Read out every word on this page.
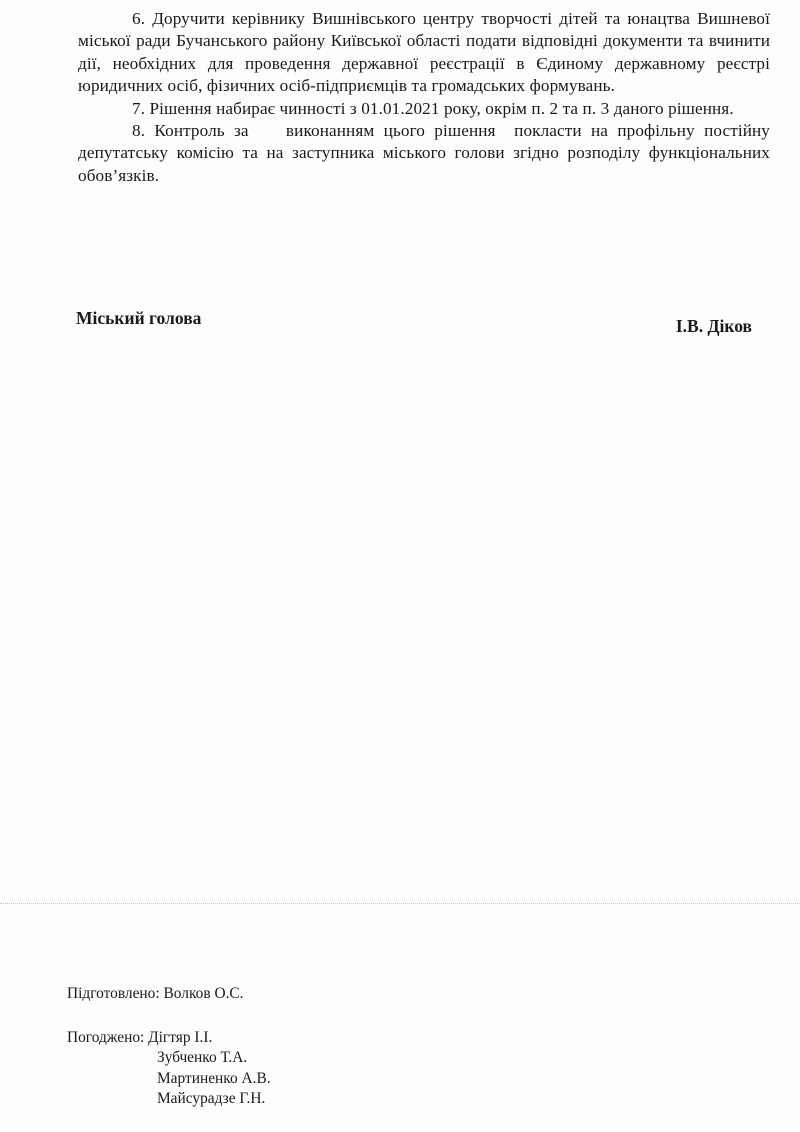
6. Доручити керівнику Вишнівського центру творчості дітей та юнацтва Вишневої міської ради Бучанського району Київської області подати відповідні документи та вчинити дії, необхідних для проведення державної реєстрації в Єдиному державному реєстрі юридичних осіб, фізичних осіб-підприємців та громадських формувань.

7. Рішення набирає чинності з 01.01.2021 року, окрім п. 2 та п. 3 даного рішення.

8. Контроль за    виконанням цього рішення  покласти на профільну постійну депутатську комісію та на заступника міського голови згідно розподілу функціональних обов’язків.

Міський голова	І.В. Діков
Підготовлено: Волков О.С.
Погоджено: Дігтяр І.І.
Зубченко Т.А.
Мартиненко А.В.
Майсурадзе Г.Н.
